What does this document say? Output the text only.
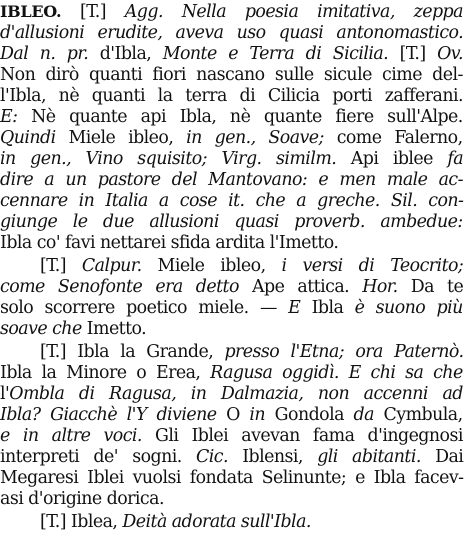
IBLEO. [T.] Agg. Nella poesia imitativa, zeppa
d'allusioni erudite, aveva uso quasi antonomastico.
Dal n. pr. d'Ibla, Monte e Terra di Sicilia. [T.] Ov.
Non dirò quanti fiori nascano sulle sicule cime del-
l'Ibla, nè quanti la terra di Cilicia porti zafferani.
E: Nè quante api Ibla, nè quante fiere sull'Alpe.
Quindi Miele ibleo, in gen., Soave; come Falerno,
in gen., Vino squisito; Virg. similm. Api iblee fa
dire a un pastore del Mantovano: e men male ac-
cennare in Italia a cose it. che a greche. Sil. con-
giunge le due allusioni quasi proverb. ambedue:
Ibla co' favi nettarei sfida ardita l'Imetto.
[T.] Calpur. Miele ibleo, i versi di Teocrito;
come Senofonte era detto Ape attica. Hor. Da te
solo scorrere poetico miele. — E Ibla è suono più
soave che Imetto.
[T.] Ibla la Grande, presso l'Etna; ora Paternò.
Ibla la Minore o Erea, Ragusa oggidì. E chi sa che
l'Ombla di Ragusa, in Dalmazia, non accenni ad
Ibla? Giacchè l'Y diviene O in Gondola da Cymbula,
e in altre voci. Gli Iblei avevan fama d'ingegnosi
interpreti de' sogni. Cic. Iblensi, gli abitanti. Dai
Megaresi Iblei vuolsi fondata Selinunte; e Ibla facev-
asi d'origine dorica.
[T.] Iblea, Deità adorata sull'Ibla.
